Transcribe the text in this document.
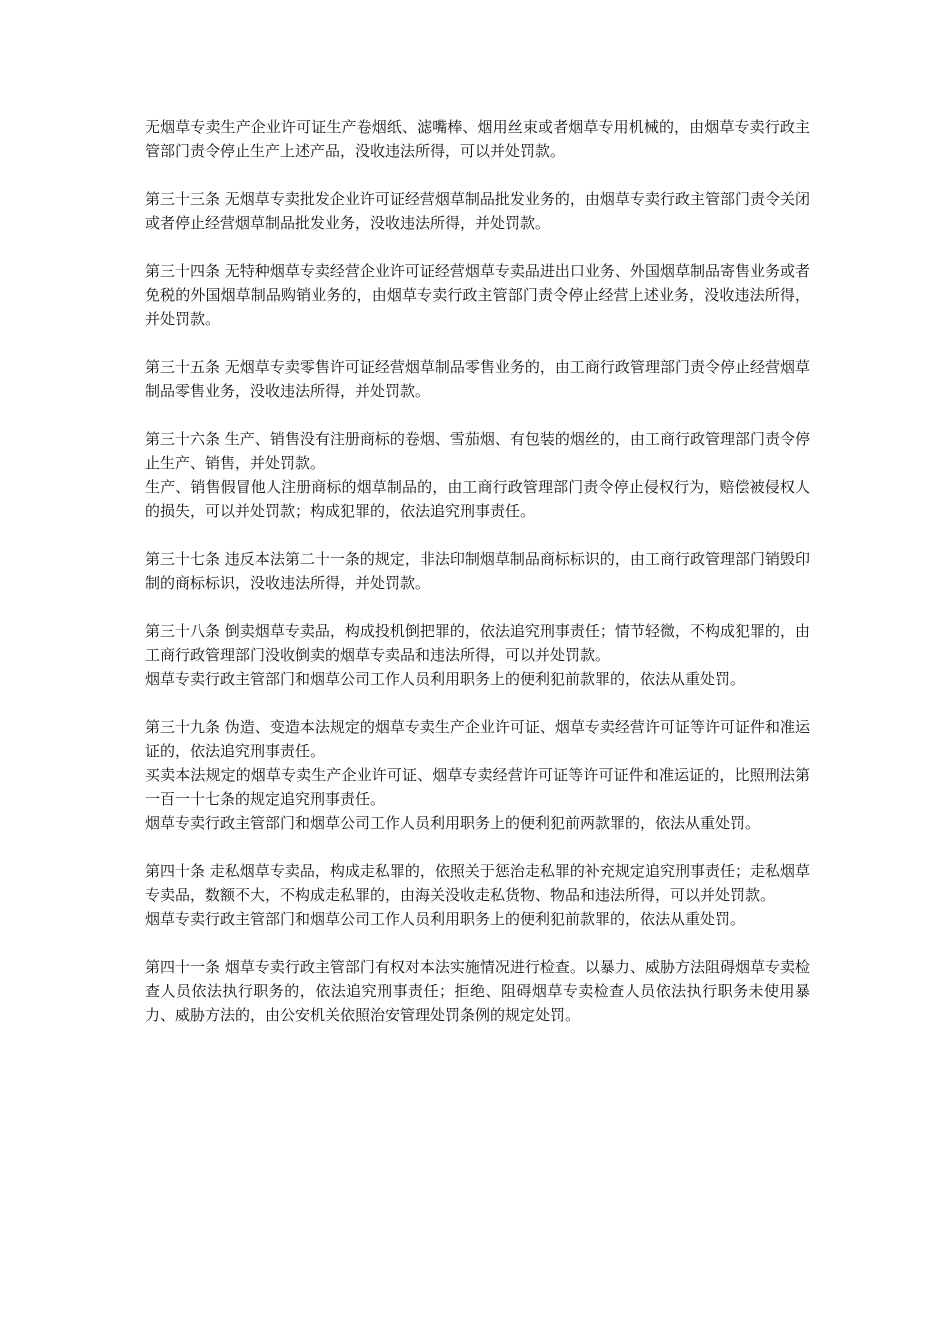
无烟草专卖生产企业许可证生产卷烟纸、滤嘴棒、烟用丝束或者烟草专用机械的，由烟草专卖行政主管部门责令停止生产上述产品，没收违法所得，可以并处罚款。

第三十三条 无烟草专卖批发企业许可证经营烟草制品批发业务的，由烟草专卖行政主管部门责令关闭或者停止经营烟草制品批发业务，没收违法所得，并处罚款。

第三十四条 无特种烟草专卖经营企业许可证经营烟草专卖品进出口业务、外国烟草制品寄售业务或者免税的外国烟草制品购销业务的，由烟草专卖行政主管部门责令停止经营上述业务，没收违法所得，并处罚款。

第三十五条 无烟草专卖零售许可证经营烟草制品零售业务的，由工商行政管理部门责令停止经营烟草制品零售业务，没收违法所得，并处罚款。

第三十六条 生产、销售没有注册商标的卷烟、雪茄烟、有包装的烟丝的，由工商行政管理部门责令停止生产、销售，并处罚款。

生产、销售假冒他人注册商标的烟草制品的，由工商行政管理部门责令停止侵权行为，赔偿被侵权人的损失，可以并处罚款；构成犯罪的，依法追究刑事责任。

第三十七条 违反本法第二十一条的规定，非法印制烟草制品商标标识的，由工商行政管理部门销毁印制的商标标识，没收违法所得，并处罚款。

第三十八条 倒卖烟草专卖品，构成投机倒把罪的，依法追究刑事责任；情节轻微，不构成犯罪的，由工商行政管理部门没收倒卖的烟草专卖品和违法所得，可以并处罚款。

烟草专卖行政主管部门和烟草公司工作人员利用职务上的便利犯前款罪的，依法从重处罚。

第三十九条 伪造、变造本法规定的烟草专卖生产企业许可证、烟草专卖经营许可证等许可证件和准运证的，依法追究刑事责任。

买卖本法规定的烟草专卖生产企业许可证、烟草专卖经营许可证等许可证件和准运证的，比照刑法第一百一十七条的规定追究刑事责任。

烟草专卖行政主管部门和烟草公司工作人员利用职务上的便利犯前两款罪的，依法从重处罚。

第四十条 走私烟草专卖品，构成走私罪的，依照关于惩治走私罪的补充规定追究刑事责任；走私烟草专卖品，数额不大，不构成走私罪的，由海关没收走私货物、物品和违法所得，可以并处罚款。

烟草专卖行政主管部门和烟草公司工作人员利用职务上的便利犯前款罪的，依法从重处罚。

第四十一条 烟草专卖行政主管部门有权对本法实施情况进行检查。以暴力、威胁方法阻碍烟草专卖检查人员依法执行职务的，依法追究刑事责任；拒绝、阻碍烟草专卖检查人员依法执行职务未使用暴力、威胁方法的，由公安机关依照治安管理处罚条例的规定处罚。
